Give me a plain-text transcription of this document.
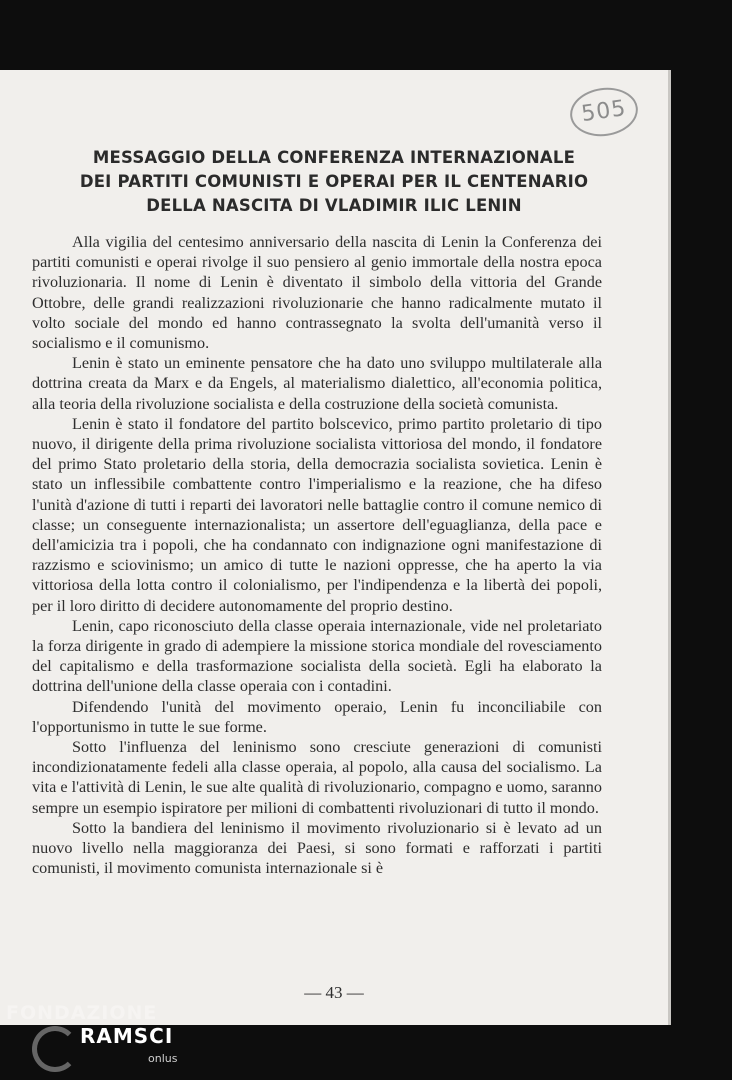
505
MESSAGGIO DELLA CONFERENZA INTERNAZIONALE
DEI PARTITI COMUNISTI E OPERAI PER IL CENTENARIO
DELLA NASCITA DI VLADIMIR ILIC LENIN

Alla vigilia del centesimo anniversario della nascita di Lenin la Conferenza dei partiti comunisti e operai rivolge il suo pensiero al genio immortale della nostra epoca rivoluzionaria. Il nome di Lenin è diventato il simbolo della vittoria del Grande Ottobre, delle grandi realizzazioni rivoluzionarie che hanno radicalmente mutato il volto sociale del mondo ed hanno contrassegnato la svolta dell'umanità verso il socialismo e il comunismo.

Lenin è stato un eminente pensatore che ha dato uno sviluppo multilaterale alla dottrina creata da Marx e da Engels, al materialismo dialettico, all'economia politica, alla teoria della rivoluzione socialista e della costruzione della società comunista.

Lenin è stato il fondatore del partito bolscevico, primo partito proletario di tipo nuovo, il dirigente della prima rivoluzione socialista vittoriosa del mondo, il fondatore del primo Stato proletario della storia, della democrazia socialista sovietica. Lenin è stato un inflessibile combattente contro l'imperialismo e la reazione, che ha difeso l'unità d'azione di tutti i reparti dei lavoratori nelle battaglie contro il comune nemico di classe; un conseguente internazionalista; un assertore dell'eguaglianza, della pace e dell'amicizia tra i popoli, che ha condannato con indignazione ogni manifestazione di razzismo e sciovinismo; un amico di tutte le nazioni oppresse, che ha aperto la via vittoriosa della lotta contro il colonialismo, per l'indipendenza e la libertà dei popoli, per il loro diritto di decidere autonomamente del proprio destino.

Lenin, capo riconosciuto della classe operaia internazionale, vide nel proletariato la forza dirigente in grado di adempiere la missione storica mondiale del rovesciamento del capitalismo e della trasformazione socialista della società. Egli ha elaborato la dottrina dell'unione della classe operaia con i contadini.

Difendendo l'unità del movimento operaio, Lenin fu inconciliabile con l'opportunismo in tutte le sue forme.

Sotto l'influenza del leninismo sono cresciute generazioni di comunisti incondizionatamente fedeli alla classe operaia, al popolo, alla causa del socialismo. La vita e l'attività di Lenin, le sue alte qualità di rivoluzionario, compagno e uomo, saranno sempre un esempio ispiratore per milioni di combattenti rivoluzionari di tutto il mondo.

Sotto la bandiera del leninismo il movimento rivoluzionario si è levato ad un nuovo livello nella maggioranza dei Paesi, si sono formati e rafforzati i partiti comunisti, il movimento comunista internazionale si è

— 43 —
FONDAZIONE
RAMSCI
onlus
